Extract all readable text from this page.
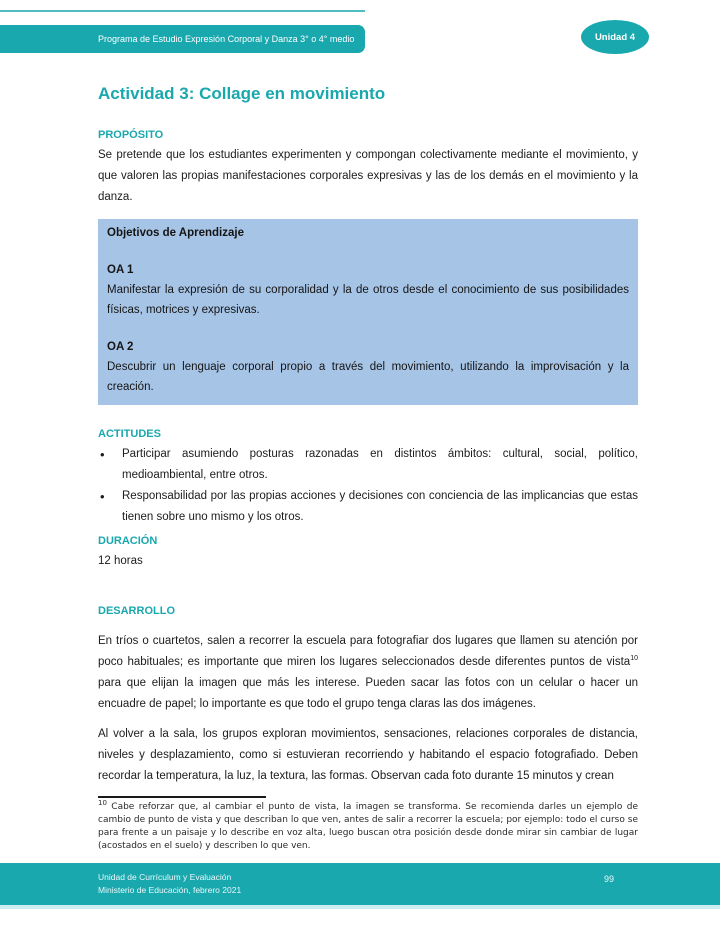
Programa de Estudio Expresión Corporal y Danza 3° o 4° medio	Unidad 4
Actividad 3: Collage en movimiento
PROPÓSITO

Se pretende que los estudiantes experimenten y compongan colectivamente mediante el movimiento, y que valoren las propias manifestaciones corporales expresivas y las de los demás en el movimiento y la danza.

Objetivos de Aprendizaje

OA 1

Manifestar la expresión de su corporalidad y la de otros desde el conocimiento de sus posibilidades físicas, motrices y expresivas.

OA 2

Descubrir un lenguaje corporal propio a través del movimiento, utilizando la improvisación y la creación.

ACTITUDES
• Participar asumiendo posturas razonadas en distintos ámbitos: cultural, social, político, medioambiental, entre otros.
• Responsabilidad por las propias acciones y decisiones con conciencia de las implicancias que estas tienen sobre uno mismo y los otros.
DURACIÓN

12 horas

DESARROLLO

En tríos o cuartetos, salen a recorrer la escuela para fotografiar dos lugares que llamen su atención por poco habituales; es importante que miren los lugares seleccionados desde diferentes puntos de vista$^{10}$ para que elijan la imagen que más les interese. Pueden sacar las fotos con un celular o hacer un encuadre de papel; lo importante es que todo el grupo tenga claras las dos imágenes.

Al volver a la sala, los grupos exploran movimientos, sensaciones, relaciones corporales de distancia, niveles y desplazamiento, como si estuvieran recorriendo y habitando el espacio fotografiado. Deben recordar la temperatura, la luz, la textura, las formas. Observan cada foto durante 15 minutos y crean

$^{10}$ Cabe reforzar que, al cambiar el punto de vista, la imagen se transforma. Se recomienda darles un ejemplo de cambio de punto de vista y que describan lo que ven, antes de salir a recorrer la escuela; por ejemplo: todo el curso se para frente a un paisaje y lo describe en voz alta, luego buscan otra posición desde donde mirar sin cambiar de lugar (acostados en el suelo) y describen lo que ven.

Unidad de Currículum y Evaluación
Ministerio de Educación, febrero 2021
99
